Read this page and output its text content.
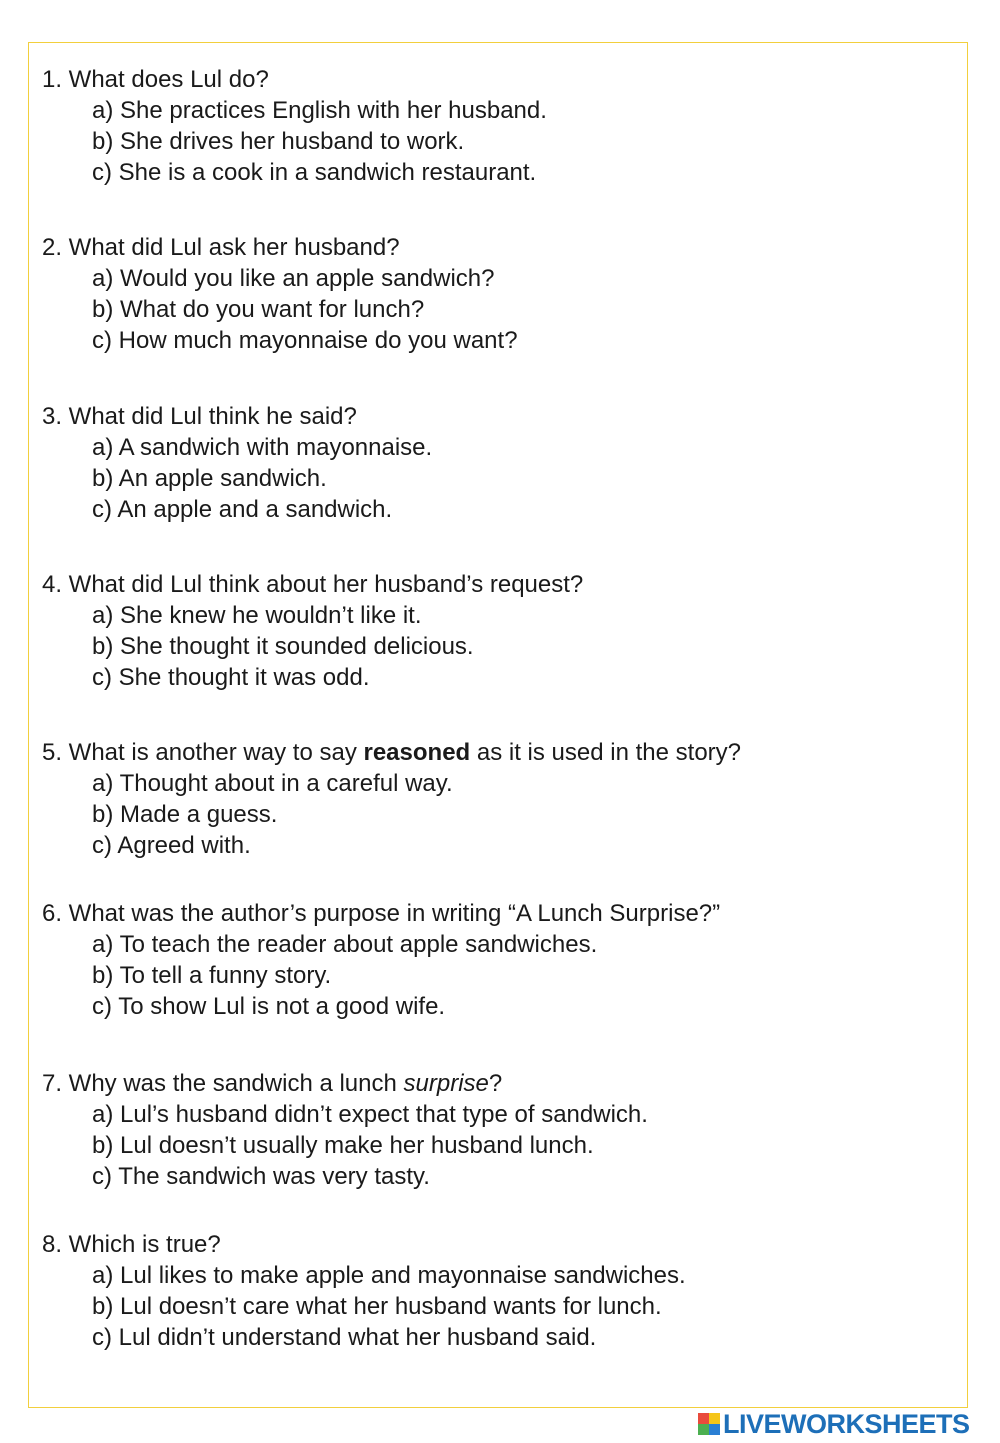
1. What does Lul do?
a) She practices English with her husband.
b) She drives her husband to work.
c) She is a cook in a sandwich restaurant.
2. What did Lul ask her husband?
a) Would you like an apple sandwich?
b) What do you want for lunch?
c) How much mayonnaise do you want?
3. What did Lul think he said?
a) A sandwich with mayonnaise.
b) An apple sandwich.
c) An apple and a sandwich.
4. What did Lul think about her husband’s request?
a) She knew he wouldn’t like it.
b) She thought it sounded delicious.
c) She thought it was odd.
5. What is another way to say reasoned as it is used in the story?
a) Thought about in a careful way.
b) Made a guess.
c) Agreed with.
6. What was the author’s purpose in writing “A Lunch Surprise?”
a) To teach the reader about apple sandwiches.
b) To tell a funny story.
c) To show Lul is not a good wife.
7. Why was the sandwich a lunch surprise?
a) Lul’s husband didn’t expect that type of sandwich.
b) Lul doesn’t usually make her husband lunch.
c) The sandwich was very tasty.
8. Which is true?
a) Lul likes to make apple and mayonnaise sandwiches.
b) Lul doesn’t care what her husband wants for lunch.
c) Lul didn’t understand what her husband said.
LIVEWORKSHEETS
